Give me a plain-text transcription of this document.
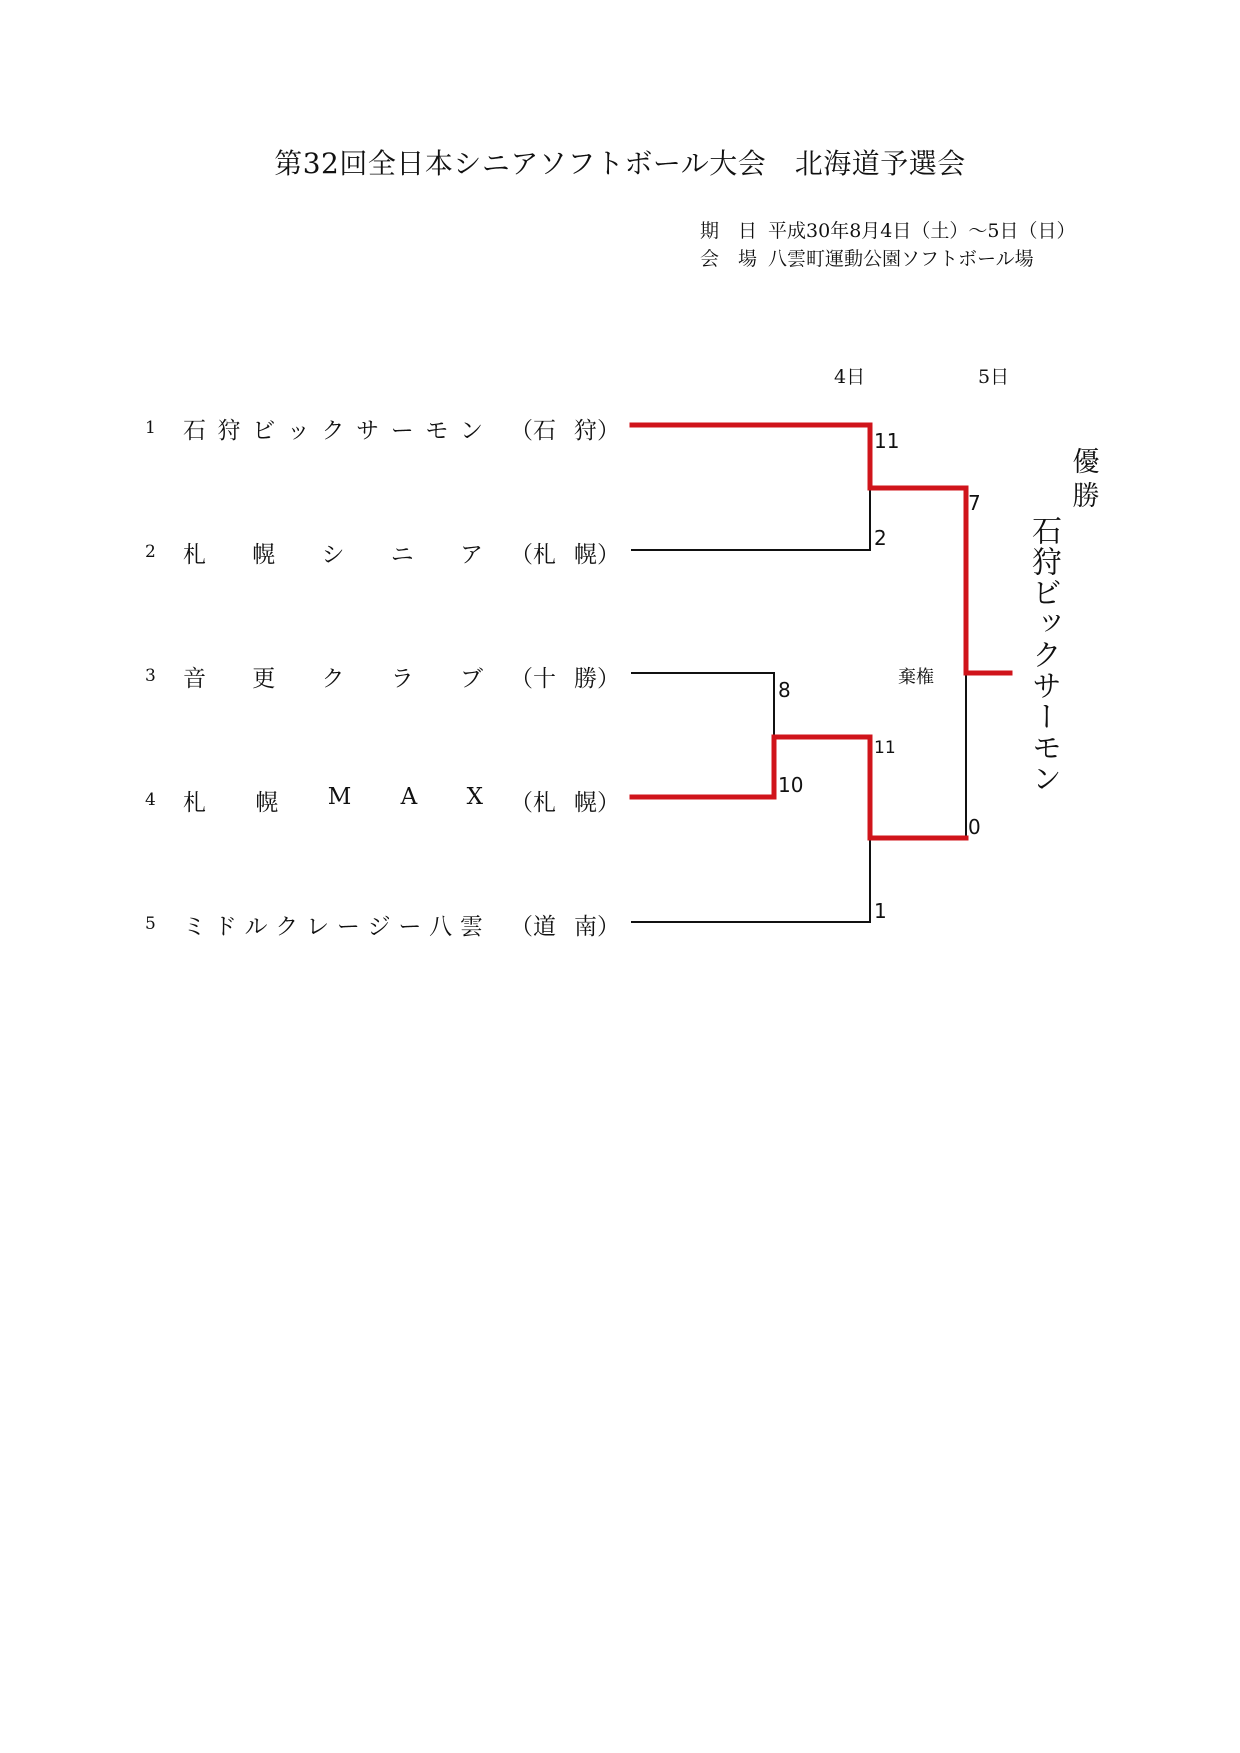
第32回全日本シニアソフトボール大会　北海道予選会
期　 日 平成30年8月4日（土）～5日（日）
会　 場 八雲町運動公園ソフトボール場
4日	5日
1 石 狩 ビ ッ ク サ ー モ ン （石 狩）
2 札 幌 シ ニ ア （札 幌）
3 音 更 ク ラ ブ （十 勝）
4 札 幌 M A X （札 幌）
5 ミ ド ル ク レ ー ジ ー 八 雲 （道 南）
11
2
8
10
11
1
7
0
棄権
優勝
石狩ビックサーモン
